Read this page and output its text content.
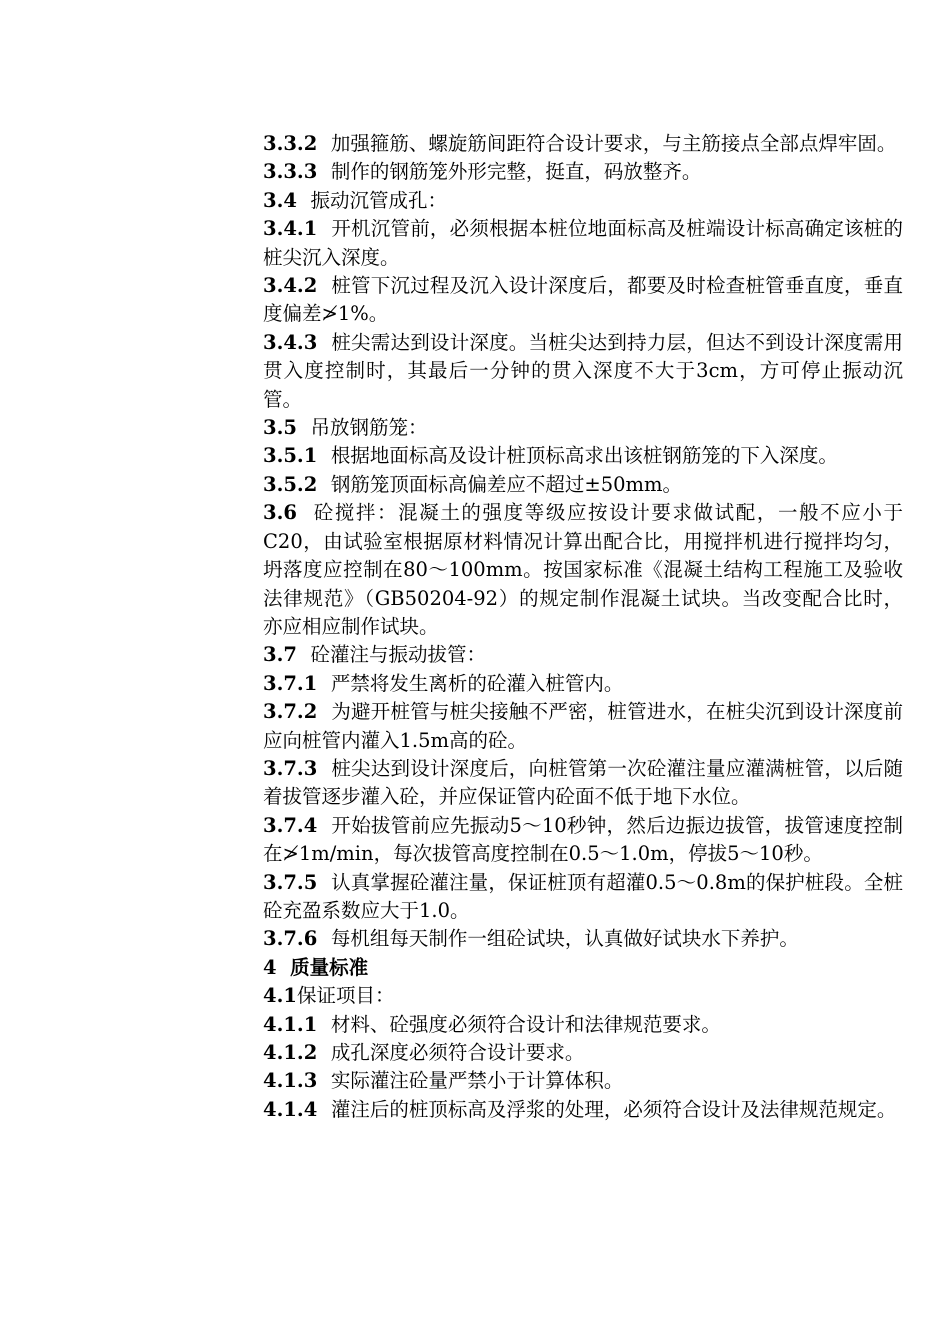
3.3.2  加强箍筋、螺旋筋间距符合设计要求，与主筋接点全部点焊牢固。

3.3.3  制作的钢筋笼外形完整，挺直，码放整齐。

3.4  振动沉管成孔：

3.4.1  开机沉管前，必须根据本桩位地面标高及桩端设计标高确定该桩的桩尖沉入深度。

3.4.2  桩管下沉过程及沉入设计深度后，都要及时检查桩管垂直度，垂直度偏差≯1%。

3.4.3  桩尖需达到设计深度。当桩尖达到持力层，但达不到设计深度需用贯入度控制时，其最后一分钟的贯入深度不大于3cm，方可停止振动沉管。

3.5  吊放钢筋笼：

3.5.1  根据地面标高及设计桩顶标高求出该桩钢筋笼的下入深度。

3.5.2  钢筋笼顶面标高偏差应不超过±50mm。

3.6  砼搅拌：混凝土的强度等级应按设计要求做试配，一般不应小于C20，由试验室根据原材料情况计算出配合比，用搅拌机进行搅拌均匀，坍落度应控制在80～100mm。按国家标准《混凝土结构工程施工及验收法律规范》（GB50204-92）的规定制作混凝土试块。当改变配合比时，亦应相应制作试块。

3.7  砼灌注与振动拔管：

3.7.1  严禁将发生离析的砼灌入桩管内。

3.7.2  为避开桩管与桩尖接触不严密，桩管进水，在桩尖沉到设计深度前应向桩管内灌入1.5m高的砼。

3.7.3  桩尖达到设计深度后，向桩管第一次砼灌注量应灌满桩管，以后随着拔管逐步灌入砼，并应保证管内砼面不低于地下水位。

3.7.4  开始拔管前应先振动5～10秒钟，然后边振边拔管，拔管速度控制在≯1m/min，每次拔管高度控制在0.5～1.0m，停拔5～10秒。

3.7.5  认真掌握砼灌注量，保证桩顶有超灌0.5～0.8m的保护桩段。全桩砼充盈系数应大于1.0。

3.7.6  每机组每天制作一组砼试块，认真做好试块水下养护。

4  质量标准

4.1保证项目：

4.1.1  材料、砼强度必须符合设计和法律规范要求。

4.1.2  成孔深度必须符合设计要求。

4.1.3  实际灌注砼量严禁小于计算体积。

4.1.4  灌注后的桩顶标高及浮浆的处理，必须符合设计及法律规范规定。
